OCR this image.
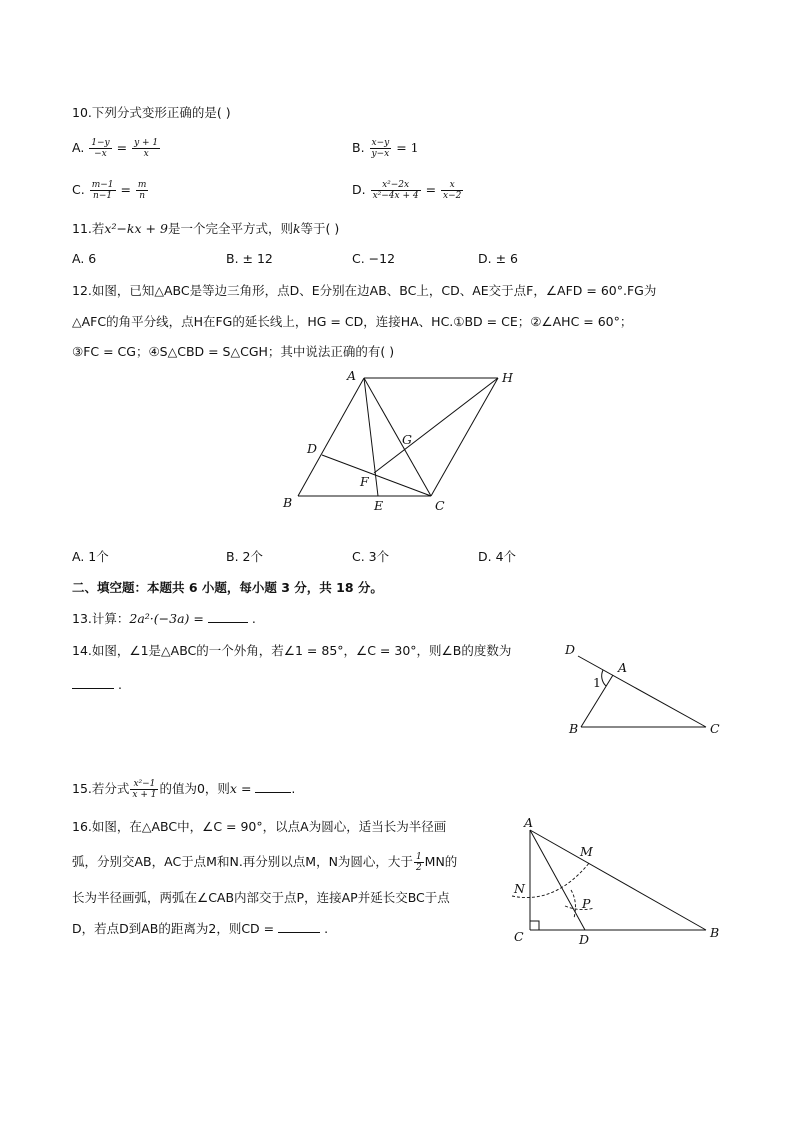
10.下列分式变形正确的是( )
A. $\frac{1-y}{-x} = \frac{y + 1}{x}$	B. $\frac{x-y}{y-x} = 1$
C. $\frac{m-1}{n-1} = \frac{m}{n}$	D. $\frac{\text{x²−2x}}{\text{x²−4x + 4}} = \frac{x}{x-2}$
11.若x²−kx + 9是一个完全平方式，则k等于( )
A. 6	B. ± 12	C. −12	D. ± 6
12.如图，已知△ABC是等边三角形，点D、E分别在边AB、BC上，CD、AE交于点F，∠AFD = 60°.FG为
△AFC的角平分线，点H在FG的延长线上，HG = CD，连接HA、HC.①BD = CE；②∠AHC = 60°；
③FC = CG；④S△CBD = S△CGH；其中说法正确的有( )
A	H
D
G
F
B	E	C
A. 1个	B. 2个	C. 3个	D. 4个
二、填空题：本题共 6 小题，每小题 3 分，共 18 分。
13.计算：2a²·(−3a) =	.
14.如图，∠1是△ABC的一个外角，若∠1 = 85°，∠C = 30°，则∠B的度数为
.
D
A
1
B	C
15.若分式 $\frac{\text{x²−1}}{x + 1}$ 的值为0，则x =	.
16.如图，在△ABC中，∠C = 90°，以点A为圆心，适当长为半径画
弧，分别交AB，AC于点M和N.再分别以点M，N为圆心，大于 $\frac{1}{2}$ MN的
长为半径画弧，两弧在∠CAB内部交于点P，连接AP并延长交BC于点
D，若点D到AB的距离为2，则CD =	.
A
M
N
P
C	D	B
